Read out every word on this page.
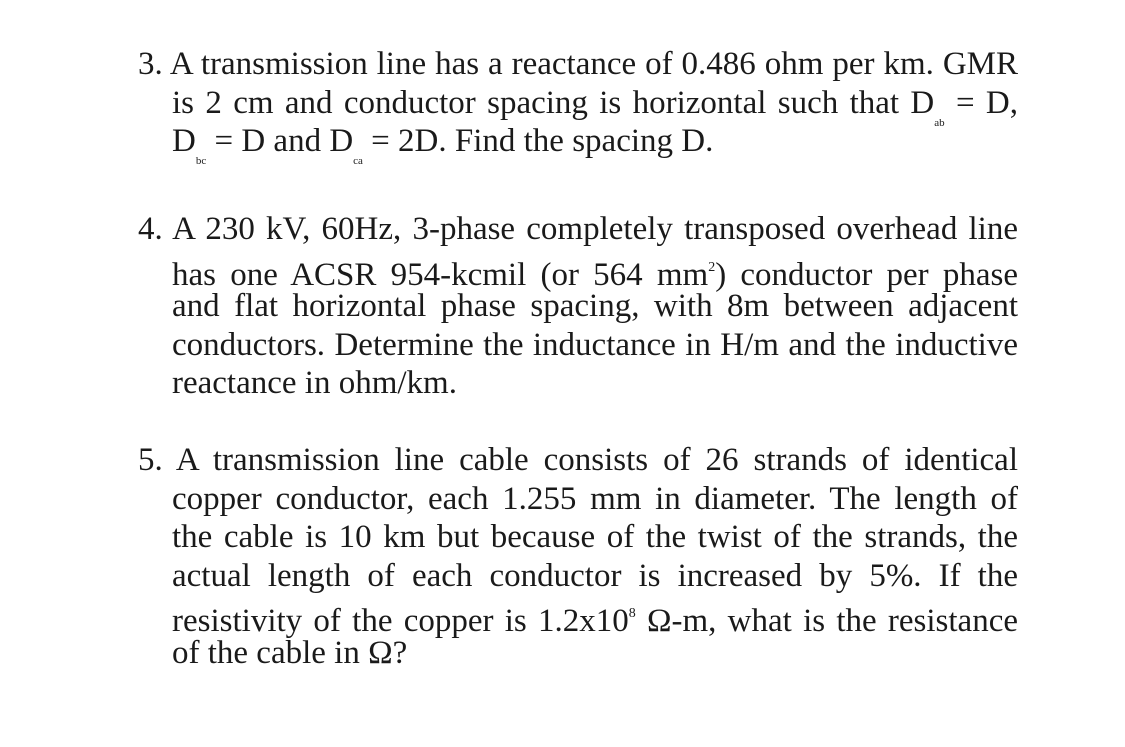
3. A transmission line has a reactance of 0.486 ohm per km. GMR
is 2 cm and conductor spacing is horizontal such that $D_{ab} = D$,
$D_{bc} = D$ and $D_{ca} = 2D$. Find the spacing D.
4. A 230 kV, 60Hz, 3-phase completely transposed overhead line
has one ACSR 954-kcmil (or 564 $mm^2$) conductor per phase
and flat horizontal phase spacing, with 8m between adjacent
conductors. Determine the inductance in H/m and the inductive
reactance in ohm/km.
5. A transmission line cable consists of 26 strands of identical
copper conductor, each 1.255 mm in diameter. The length of
the cable is 10 km but because of the twist of the strands, the
actual length of each conductor is increased by 5%. If the
resistivity of the copper is $1.2x10^8$ Ω-m, what is the resistance
of the cable in Ω?
